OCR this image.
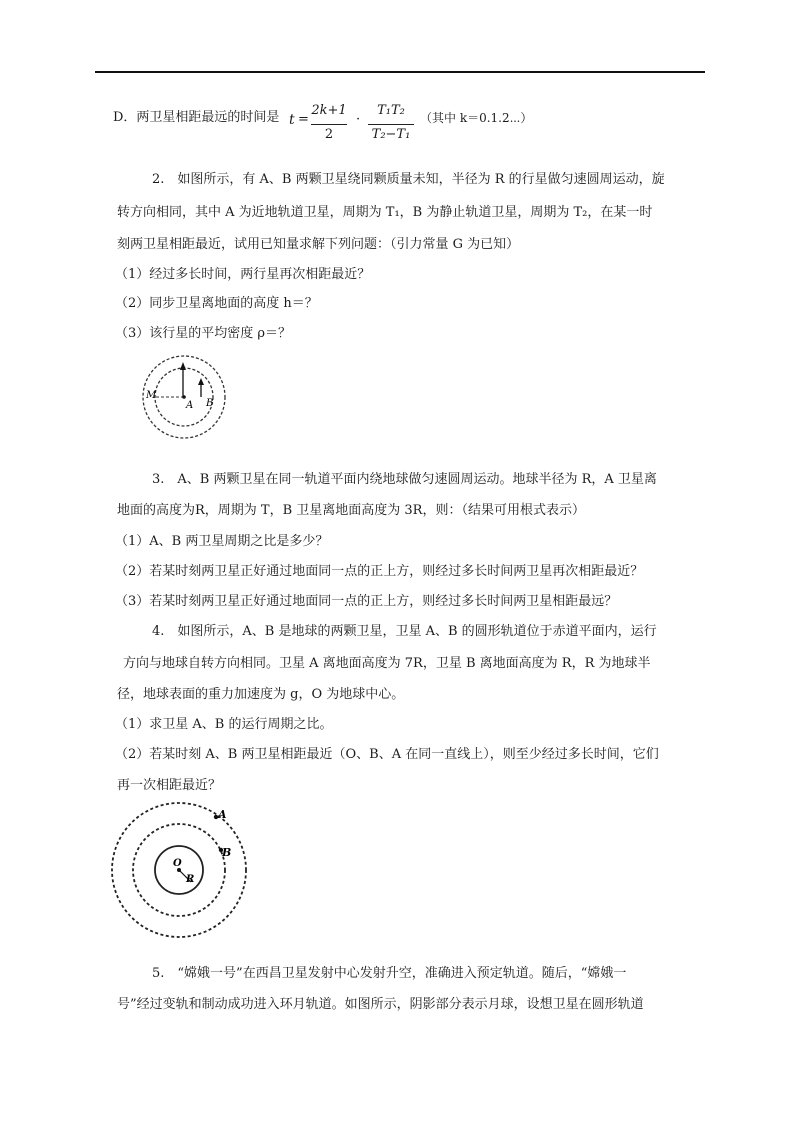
D．两卫星相距最远的时间是 t =
2k+1
2
·
T₁T₂
T₂−T₁
（其中 k＝0.1.2⋯）
2.　如图所示，有 A、B 两颗卫星绕同颗质量未知，半径为 R 的行星做匀速圆周运动，旋
转方向相同，其中 A 为近地轨道卫星，周期为 T₁，B 为静止轨道卫星，周期为 T₂，在某一时
刻两卫星相距最近，试用已知量求解下列问题：（引力常量 G 为已知）
（1）经过多长时间，两行星再次相距最近？
（2）同步卫星离地面的高度 h＝？
（3）该行星的平均密度 ρ＝？
M
A B
3.　A、B 两颗卫星在同一轨道平面内绕地球做匀速圆周运动。地球半径为 R，A 卫星离
地面的高度为R，周期为 T，B 卫星离地面高度为 3R，则：（结果可用根式表示）
（1）A、B 两卫星周期之比是多少？
（2）若某时刻两卫星正好通过地面同一点的正上方，则经过多长时间两卫星再次相距最近？
（3）若某时刻两卫星正好通过地面同一点的正上方，则经过多长时间两卫星相距最远？
4.　如图所示，A、B 是地球的两颗卫星，卫星 A、B 的圆形轨道位于赤道平面内，运行
方向与地球自转方向相同。卫星 A 离地面高度为 7R，卫星 B 离地面高度为 R，R 为地球半
径，地球表面的重力加速度为 g，O 为地球中心。
（1）求卫星 A、B 的运行周期之比。
（2）若某时刻 A、B 两卫星相距最近（O、B、A 在同一直线上），则至少经过多长时间，它们
再一次相距最近？
A
B
O
R
5.　“嫦娥一号”在西昌卫星发射中心发射升空，准确进入预定轨道。随后，“嫦娥一
号”经过变轨和制动成功进入环月轨道。如图所示，阴影部分表示月球，设想卫星在圆形轨道
